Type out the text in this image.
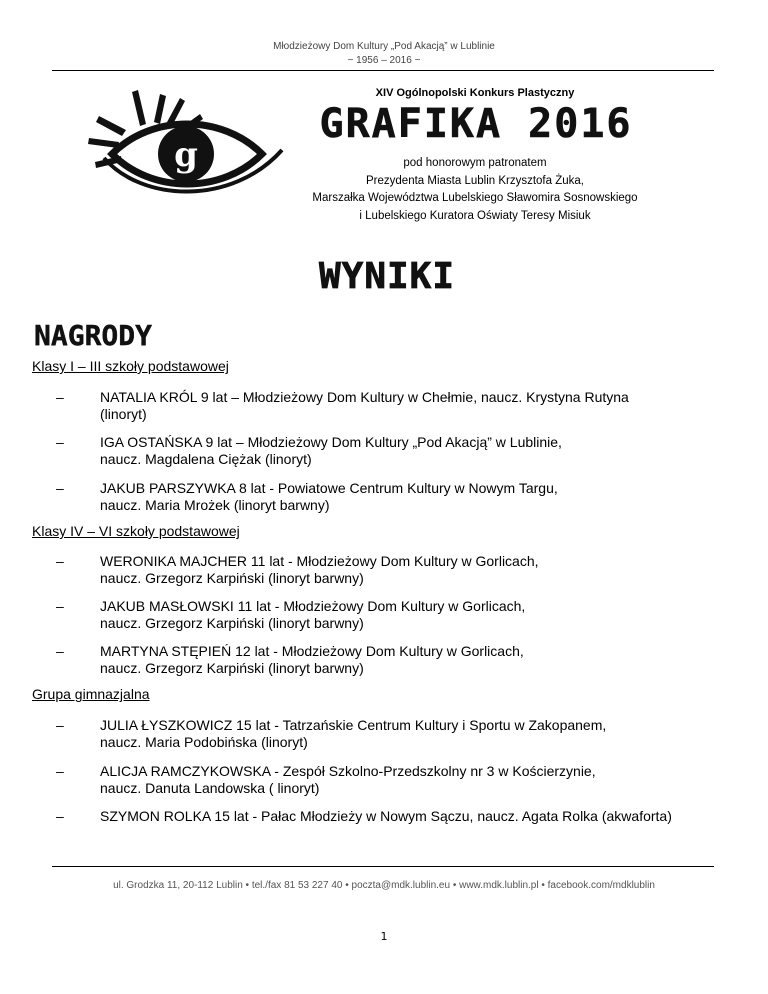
Młodzieżowy Dom Kultury „Pod Akacją” w Lublinie
~ 1956 – 2016 ~
g
XIV Ogólnopolski Konkurs Plastyczny
GRAFIKA 2016
pod honorowym patronatem
Prezydenta Miasta Lublin Krzysztofa Żuka,
Marszałka Województwa Lubelskiego Sławomira Sosnowskiego
i Lubelskiego Kuratora Oświaty Teresy Misiuk
WYNIKI
NAGRODY
Klasy I – III szkoły podstawowej
–	NATALIA KRÓL 9 lat – Młodzieżowy Dom Kultury w Chełmie, naucz. Krystyna Rutyna
(linoryt)
–	IGA OSTAŃSKA 9 lat – Młodzieżowy Dom Kultury „Pod Akacją” w Lublinie,
naucz. Magdalena Ciężak (linoryt)
–	JAKUB PARSZYWKA 8 lat - Powiatowe Centrum Kultury w Nowym Targu,
naucz. Maria Mrożek (linoryt barwny)
Klasy IV – VI szkoły podstawowej
–	WERONIKA MAJCHER 11 lat - Młodzieżowy Dom Kultury w Gorlicach,
naucz. Grzegorz Karpiński (linoryt barwny)
–	JAKUB MASŁOWSKI 11 lat - Młodzieżowy Dom Kultury w Gorlicach,
naucz. Grzegorz Karpiński (linoryt barwny)
–	MARTYNA STĘPIEŃ 12 lat - Młodzieżowy Dom Kultury w Gorlicach,
naucz. Grzegorz Karpiński (linoryt barwny)
Grupa gimnazjalna
–	JULIA ŁYSZKOWICZ 15 lat - Tatrzańskie Centrum Kultury i Sportu w Zakopanem,
naucz. Maria Podobińska (linoryt)
–	ALICJA RAMCZYKOWSKA - Zespół Szkolno-Przedszkolny nr 3 w Kościerzynie,
naucz. Danuta Landowska ( linoryt)
–	SZYMON ROLKA 15 lat - Pałac Młodzieży w Nowym Sączu, naucz. Agata Rolka (akwaforta)
ul. Grodzka 11, 20-112 Lublin • tel./fax 81 53 227 40 • poczta@mdk.lublin.eu • www.mdk.lublin.pl • facebook.com/mdklublin
1
